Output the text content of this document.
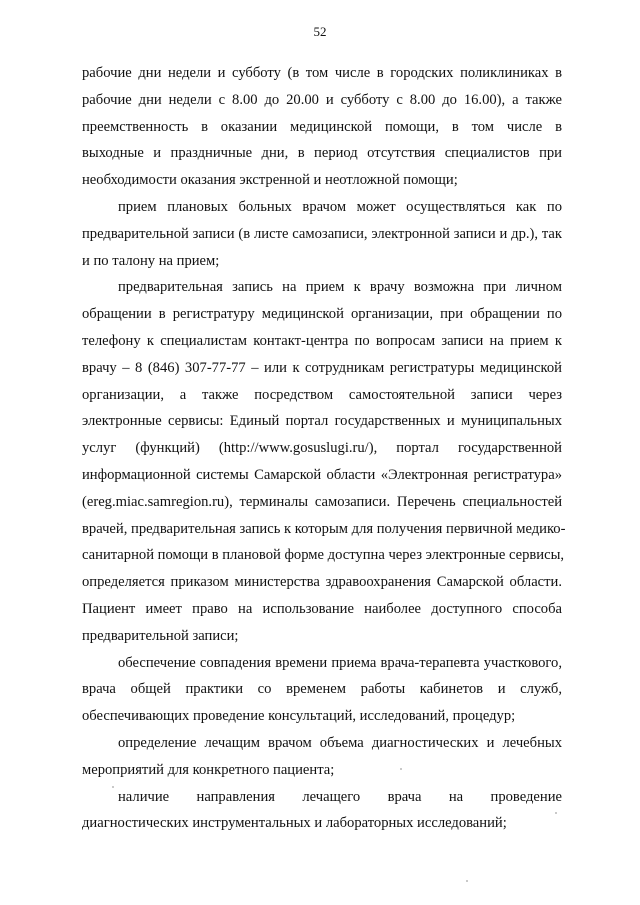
52
рабочие дни недели и субботу (в том числе в городских поликлиниках в
рабочие дни недели с 8.00 до 20.00 и субботу с 8.00 до 16.00), а также
преемственность в оказании медицинской помощи, в том числе в
выходные и праздничные дни, в период отсутствия специалистов при
необходимости оказания экстренной и неотложной помощи;
прием плановых больных врачом может осуществляться как по
предварительной записи (в листе самозаписи, электронной записи и др.), так
и по талону на прием;
предварительная запись на прием к врачу возможна при личном
обращении в регистратуру медицинской организации, при обращении по
телефону к специалистам контакт-центра по вопросам записи на прием к
врачу – 8 (846) 307-77-77 – или к сотрудникам регистратуры медицинской
организации, а также посредством самостоятельной записи через
электронные сервисы: Единый портал государственных и муниципальных
услуг (функций) (http://www.gosuslugi.ru/), портал государственной
информационной системы Самарской области «Электронная регистратура»
(ereg.miac.samregion.ru), терминалы самозаписи. Перечень специальностей
врачей, предварительная запись к которым для получения первичной медико-
санитарной помощи в плановой форме доступна через электронные сервисы,
определяется приказом министерства здравоохранения Самарской области.
Пациент имеет право на использование наиболее доступного способа
предварительной записи;
обеспечение совпадения времени приема врача-терапевта участкового,
врача общей практики со временем работы кабинетов и служб,
обеспечивающих проведение консультаций, исследований, процедур;
определение лечащим врачом объема диагностических и лечебных
мероприятий для конкретного пациента;
наличие направления лечащего врача на проведение
диагностических инструментальных и лабораторных исследований;
